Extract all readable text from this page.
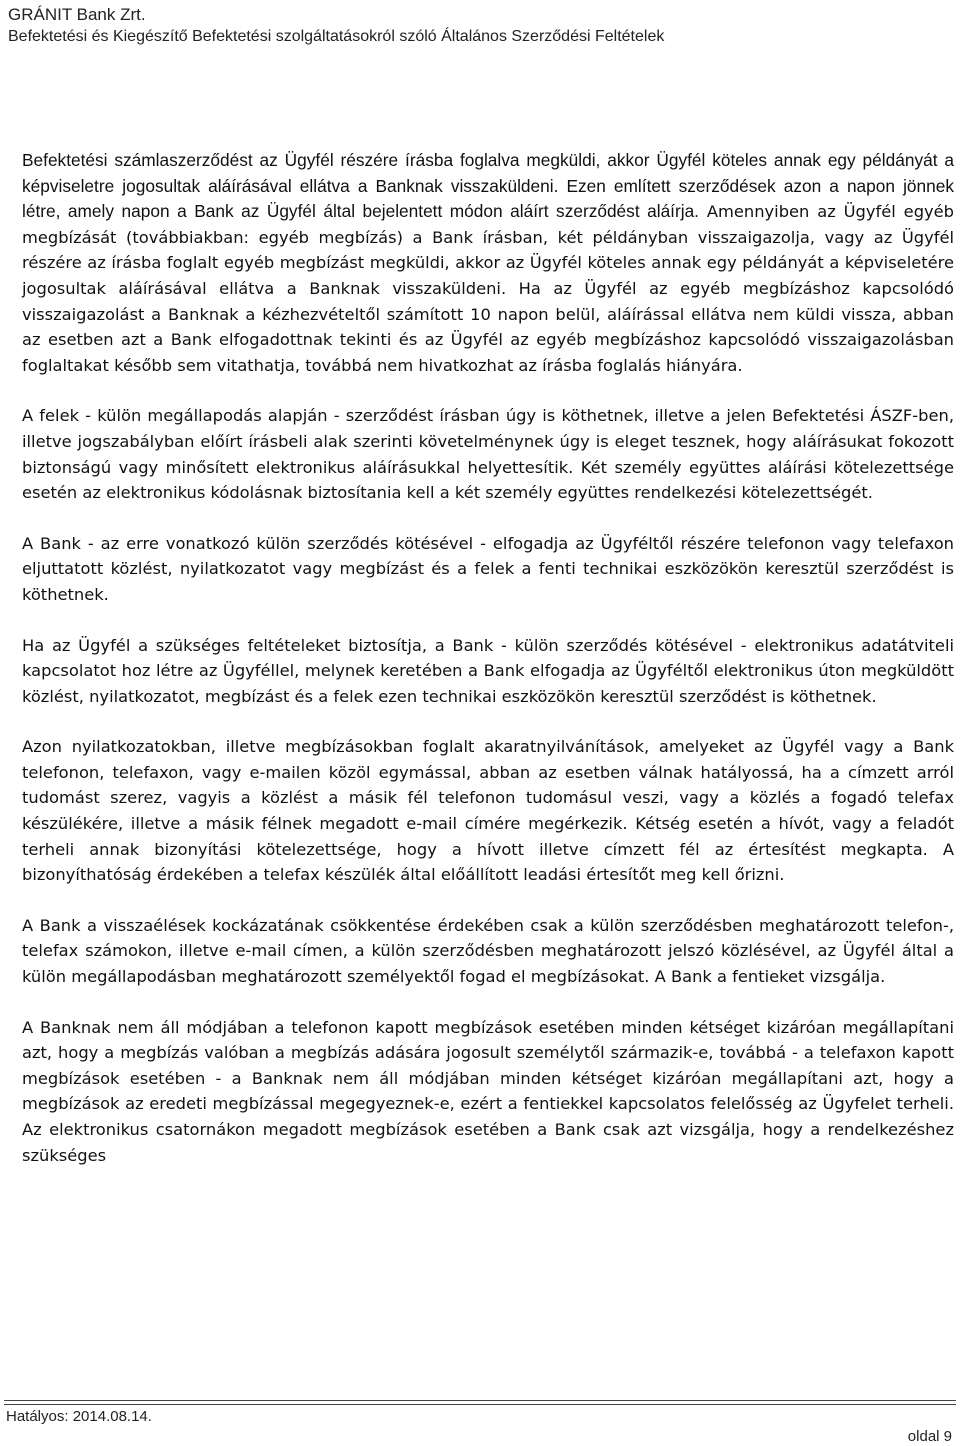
GRÁNIT Bank Zrt.
Befektetési és Kiegészítő Befektetési szolgáltatásokról szóló Általános Szerződési Feltételek

Befektetési számlaszerződést az Ügyfél részére írásba foglalva megküldi, akkor Ügyfél köteles annak egy példányát a képviseletre jogosultak aláírásával ellátva a Banknak visszaküldeni. Ezen említett szerződések azon a napon jönnek létre, amely napon a Bank az Ügyfél által bejelentett módon aláírt szerződést aláírja. Amennyiben az Ügyfél egyéb megbízását (továbbiakban: egyéb megbízás) a Bank írásban, két példányban visszaigazolja, vagy az Ügyfél részére az írásba foglalt egyéb megbízást megküldi, akkor az Ügyfél köteles annak egy példányát a képviseletére jogosultak aláírásával ellátva a Banknak visszaküldeni. Ha az Ügyfél az egyéb megbízáshoz kapcsolódó visszaigazolást a Banknak a kézhezvételtől számított 10 napon belül, aláírással ellátva nem küldi vissza, abban az esetben azt a Bank elfogadottnak tekinti és az Ügyfél az egyéb megbízáshoz kapcsolódó visszaigazolásban foglaltakat később sem vitathatja, továbbá nem hivatkozhat az írásba foglalás hiányára.

A felek - külön megállapodás alapján - szerződést írásban úgy is köthetnek, illetve a jelen Befektetési ÁSZF-ben, illetve jogszabályban előírt írásbeli alak szerinti követelménynek úgy is eleget tesznek, hogy aláírásukat fokozott biztonságú vagy minősített elektronikus aláírásukkal helyettesítik. Két személy együttes aláírási kötelezettsége esetén az elektronikus kódolásnak biztosítania kell a két személy együttes rendelkezési kötelezettségét.

A Bank - az erre vonatkozó külön szerződés kötésével - elfogadja az Ügyféltől részére telefonon vagy telefaxon eljuttatott közlést, nyilatkozatot vagy megbízást és a felek a fenti technikai eszközökön keresztül szerződést is köthetnek.

Ha az Ügyfél a szükséges feltételeket biztosítja, a Bank - külön szerződés kötésével - elektronikus adatátviteli kapcsolatot hoz létre az Ügyféllel, melynek keretében a Bank elfogadja az Ügyféltől elektronikus úton megküldött közlést, nyilatkozatot, megbízást és a felek ezen technikai eszközökön keresztül szerződést is köthetnek.

Azon nyilatkozatokban, illetve megbízásokban foglalt akaratnyilvánítások, amelyeket az Ügyfél vagy a Bank telefonon, telefaxon, vagy e-mailen közöl egymással, abban az esetben válnak hatályossá, ha a címzett arról tudomást szerez, vagyis a közlést a másik fél telefonon tudomásul veszi, vagy a közlés a fogadó telefax készülékére, illetve a másik félnek megadott e-mail címére megérkezik. Kétség esetén a hívót, vagy a feladót terheli annak bizonyítási kötelezettsége, hogy a hívott illetve címzett fél az értesítést megkapta. A bizonyíthatóság érdekében a telefax készülék által előállított leadási értesítőt meg kell őrizni.

A Bank a visszaélések kockázatának csökkentése érdekében csak a külön szerződésben meghatározott telefon-, telefax számokon, illetve e-mail címen, a külön szerződésben meghatározott jelszó közlésével, az Ügyfél által a külön megállapodásban meghatározott személyektől fogad el megbízásokat. A Bank a fentieket vizsgálja.

A Banknak nem áll módjában a telefonon kapott megbízások esetében minden kétséget kizáróan megállapítani azt, hogy a megbízás valóban a megbízás adására jogosult személytől származik-e, továbbá - a telefaxon kapott megbízások esetében - a Banknak nem áll módjában minden kétséget kizáróan megállapítani azt, hogy a megbízások az eredeti megbízással megegyeznek-e, ezért a fentiekkel kapcsolatos felelősség az Ügyfelet terheli. Az elektronikus csatornákon megadott megbízások esetében a Bank csak azt vizsgálja, hogy a rendelkezéshez szükséges

Hatályos: 2014.08.14.
oldal 9
